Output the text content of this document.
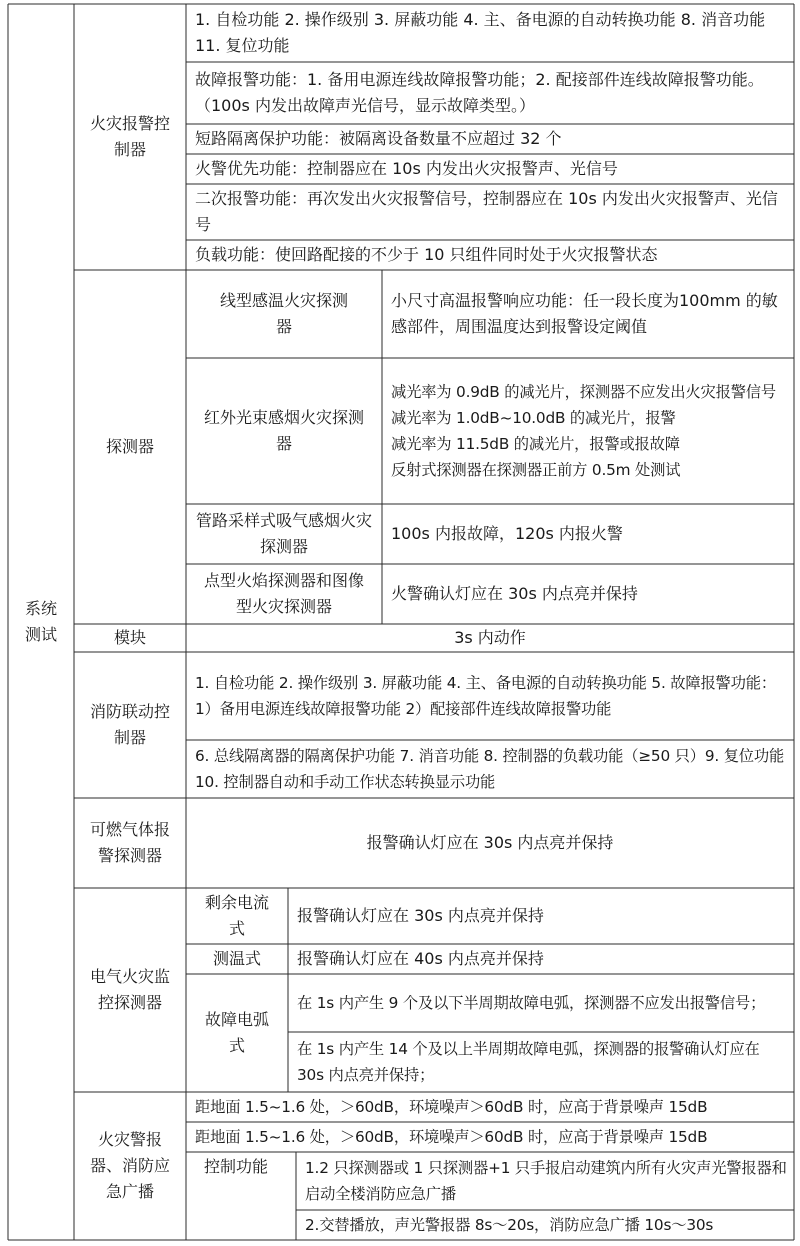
系统测试
火灾报警控制器
1. 自检功能 2. 操作级别 3. 屏蔽功能 4. 主、备电源的自动转换功能 8. 消音功能 11. 复位功能
故障报警功能：1. 备用电源连线故障报警功能；2. 配接部件连线故障报警功能。（100s 内发出故障声光信号，显示故障类型。）
短路隔离保护功能：被隔离设备数量不应超过 32 个
火警优先功能：控制器应在 10s 内发出火灾报警声、光信号
二次报警功能：再次发出火灾报警信号，控制器应在 10s 内发出火灾报警声、光信号
负载功能：使回路配接的不少于 10 只组件同时处于火灾报警状态
探测器
线型感温火灾探测器
小尺寸高温报警响应功能：任一段长度为100mm 的敏感部件，周围温度达到报警设定阈值
红外光束感烟火灾探测器
减光率为 0.9dB 的减光片，探测器不应发出火灾报警信号
减光率为 1.0dB~10.0dB 的减光片，报警
减光率为 11.5dB 的减光片，报警或报故障
反射式探测器在探测器正前方 0.5m 处测试
管路采样式吸气感烟火灾探测器
100s 内报故障，120s 内报火警
点型火焰探测器和图像型火灾探测器
火警确认灯应在 30s 内点亮并保持
模块	3s 内动作
消防联动控制器
1. 自检功能 2. 操作级别 3. 屏蔽功能 4. 主、备电源的自动转换功能 5. 故障报警功能：1）备用电源连线故障报警功能 2）配接部件连线故障报警功能
6. 总线隔离器的隔离保护功能 7. 消音功能 8. 控制器的负载功能（≥50 只）9. 复位功能 10. 控制器自动和手动工作状态转换显示功能
可燃气体报警探测器
报警确认灯应在 30s 内点亮并保持
电气火灾监控探测器
剩余电流式
报警确认灯应在 30s 内点亮并保持
测温式 报警确认灯应在 40s 内点亮并保持
故障电弧式
在 1s 内产生 9 个及以下半周期故障电弧，探测器不应发出报警信号；
在 1s 内产生 14 个及以上半周期故障电弧，探测器的报警确认灯应在 30s 内点亮并保持；
火灾警报器、消防应急广播
距地面 1.5~1.6 处，＞60dB，环境噪声＞60dB 时，应高于背景噪声 15dB
距地面 1.5~1.6 处，＞60dB，环境噪声＞60dB 时，应高于背景噪声 15dB
控制功能 1.2 只探测器或 1 只探测器+1 只手报启动建筑内所有火灾声光警报器和启动全楼消防应急广播
2.交替播放，声光警报器 8s～20s，消防应急广播 10s～30s
